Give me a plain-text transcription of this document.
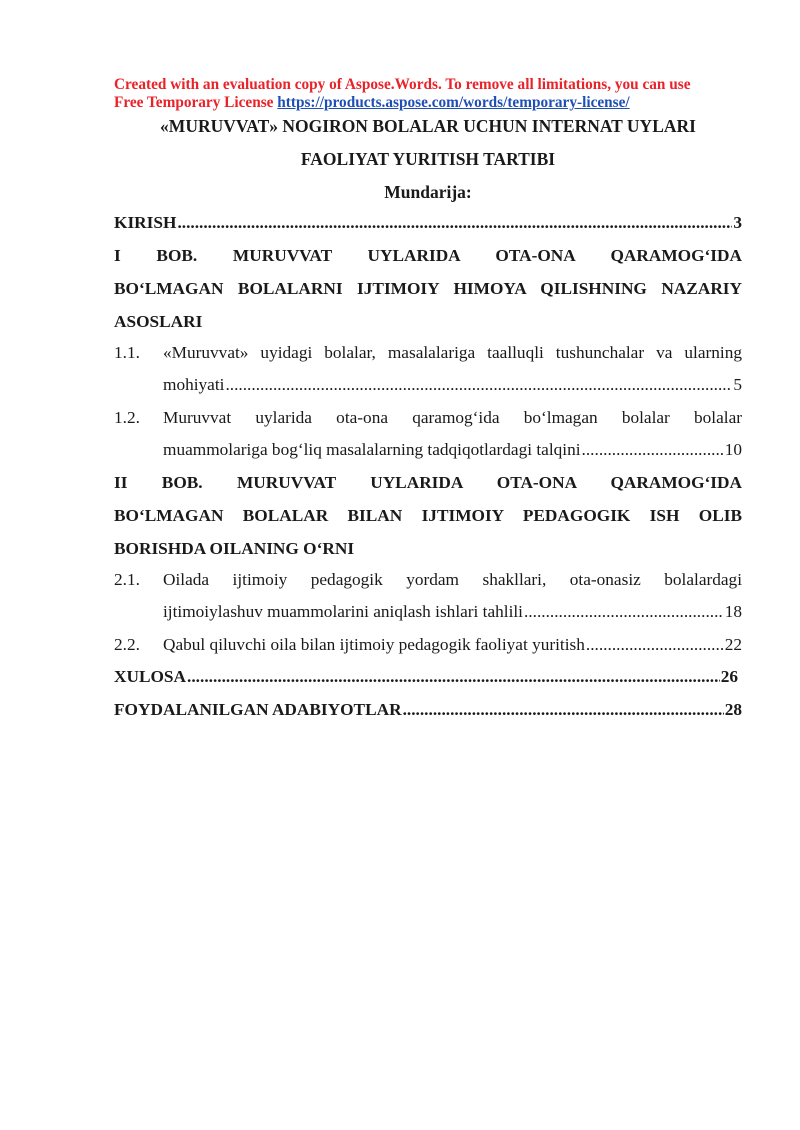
Created with an evaluation copy of Aspose.Words. To remove all limitations, you can use
Free Temporary License https://products.aspose.com/words/temporary-license/
«MURUVVAT» NOGIRON BOLALAR UCHUN INTERNAT UYLARI
FAOLIYAT YURITISH TARTIBI
Mundarija:
KIRISH .....	3
I BOB. MURUVVAT UYLARIDA OTA-ONA QARAMOG‘IDA
BO‘LMAGAN BOLALARNI IJTIMOIY HIMOYA QILISHNING NAZARIY
ASOSLARI
1.1. «Muruvvat» uyidagi bolalar, masalalariga taalluqli tushunchalar va ularning
mohiyati .....	5
1.2. Muruvvat uylarida ota-ona qaramog‘ida bo‘lmagan bolalar bolalar
muammolariga bog‘liq masalalarning tadqiqotlardagi talqini .....	10
II BOB. MURUVVAT UYLARIDA OTA-ONA QARAMOG‘IDA
BO‘LMAGAN BOLALAR BILAN IJTIMOIY PEDAGOGIK ISH OLIB
BORISHDA OILANING O‘RNI
2.1. Oilada ijtimoiy pedagogik yordam shakllari, ota-onasiz bolalardagi
ijtimoiylashuv muammolarini aniqlash ishlari tahlili .....	18
2.2. Qabul qiluvchi oila bilan ijtimoiy pedagogik faoliyat yuritish .....	22
XULOSA .....	26
FOYDALANILGAN ADABIYOTLAR .....	28
